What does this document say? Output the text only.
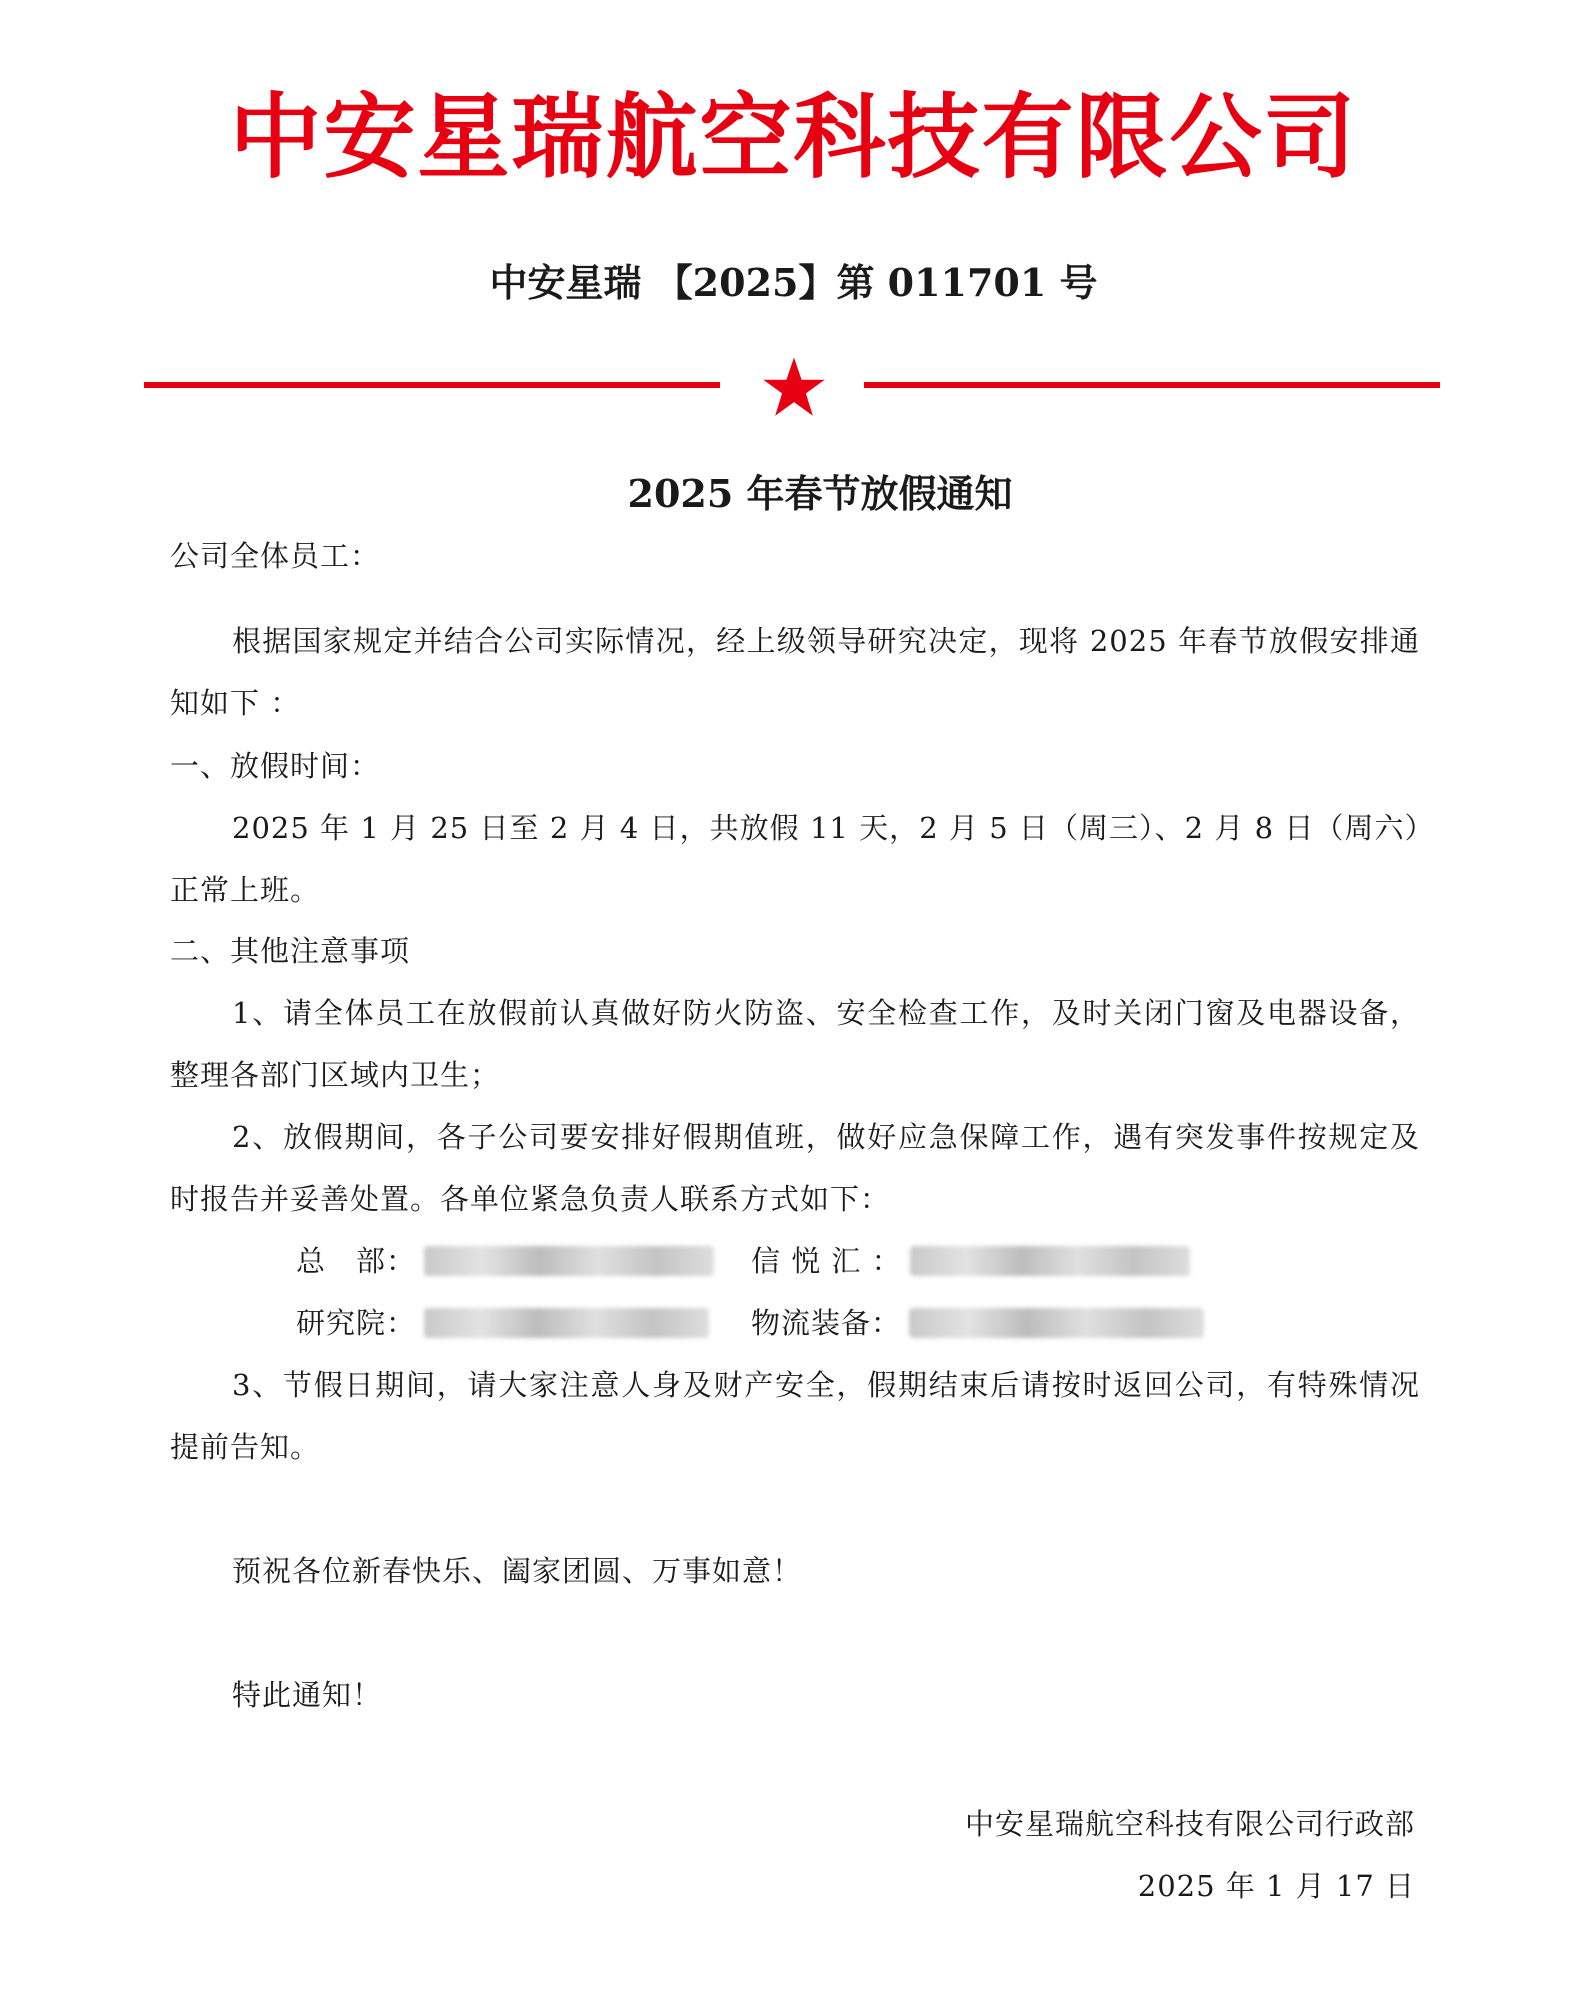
中安星瑞航空科技有限公司
中安星瑞 【2025】第 011701 号
2025 年春节放假通知
公司全体员工：
根据国家规定并结合公司实际情况，经上级领导研究决定，现将 2025 年春节放假安排通知如下 ：
一、放假时间：
2025 年 1 月 25 日至 2 月 4 日，共放假 11 天，2 月 5 日（周三）、2 月 8 日（周六）正常上班。
二、其他注意事项
1、请全体员工在放假前认真做好防火防盗、安全检查工作，及时关闭门窗及电器设备，整理各部门区域内卫生；
2、放假期间，各子公司要安排好假期值班，做好应急保障工作，遇有突发事件按规定及时报告并妥善处置。各单位紧急负责人联系方式如下：
总　部：	信 悦 汇 ：
研究院：	物流装备：
3、节假日期间，请大家注意人身及财产安全，假期结束后请按时返回公司，有特殊情况提前告知。
预祝各位新春快乐、阖家团圆、万事如意！
特此通知！
中安星瑞航空科技有限公司行政部
2025 年 1 月 17 日
